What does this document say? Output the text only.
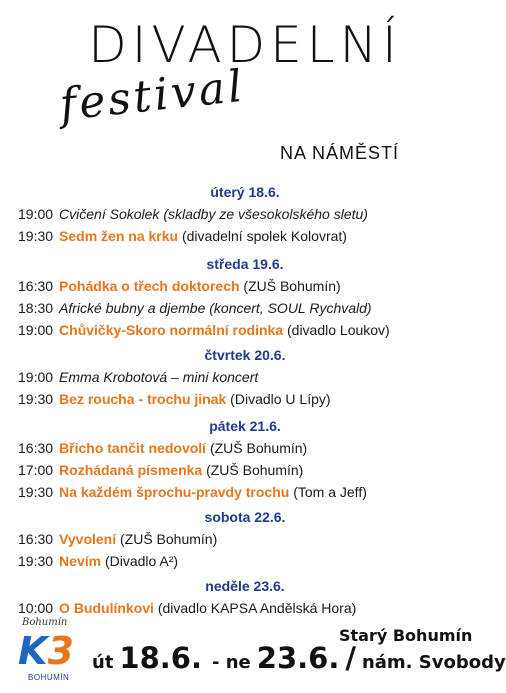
DIVADELNÍ
festival
NA NÁMĚSTÍ
úterý 18.6.
19:00 Cvičení Sokolek (skladby ze všesokolského sletu)
19:30 Sedm žen na krku (divadelní spolek Kolovrat)
středa 19.6.
16:30 Pohádka o třech doktorech (ZUŠ Bohumín)
18:30 Africké bubny a djembe (koncert, SOUL Rychvald)
19:00 Chůvičky-Skoro normální rodinka (divadlo Loukov)
čtvrtek 20.6.
19:00 Emma Krobotová – mini koncert
19:30 Bez roucha - trochu jinak (Divadlo U Lípy)
pátek 21.6.
16:30 Břicho tančit nedovolí (ZUŠ Bohumín)
17:00 Rozhádaná písmenka (ZUŠ Bohumín)
19:30 Na každém šprochu-pravdy trochu (Tom a Jeff)
sobota 22.6.
16:30 Vyvolení (ZUŠ Bohumín)
19:30 Nevím (Divadlo A²)
neděle 23.6.
10:00 O Budulínkovi (divadlo KAPSA Andělská Hora)
Bohumín
K3
BOHUMÍN
Starý Bohumín
út 18.6. - ne 23.6. / nám. Svobody
